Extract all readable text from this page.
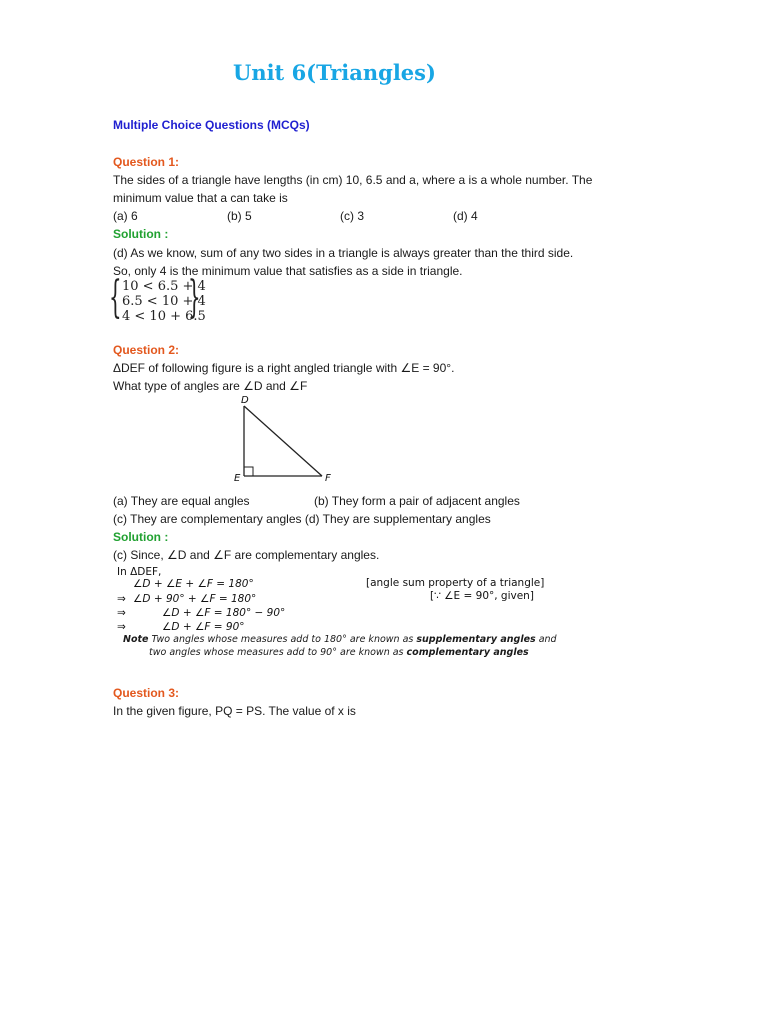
Unit 6(Triangles)
Multiple Choice Questions (MCQs)
Question 1:
The sides of a triangle have lengths (in cm) 10, 6.5 and a, where a is a whole number. The
minimum value that a can take is
(a) 6	(b) 5	(c) 3	(d) 4
Solution :
(d) As we know, sum of any two sides in a triangle is always greater than the third side.
So, only 4 is the minimum value that satisfies as a side in triangle.
{ }
10 < 6.5 + 4
6.5 < 10 + 4
4 < 10 + 6.5
Question 2:
ΔDEF of following figure is a right angled triangle with ∠E = 90°.
What type of angles are ∠D and ∠F
D
E	F
(a) They are equal angles	(b) They form a pair of adjacent angles
(c) They are complementary angles (d) They are supplementary angles
Solution :
(c) Since, ∠D and ∠F are complementary angles.
In ΔDEF,
∠D + ∠E + ∠F = 180°	[angle sum property of a triangle]
⇒ ∠D + 90° + ∠F = 180°	[∵ ∠E = 90°, given]
⇒	∠D + ∠F = 180° − 90°
⇒	∠D + ∠F = 90°
Note Two angles whose measures add to 180° are known as supplementary angles and
two angles whose measures add to 90° are known as complementary angles
Question 3:
In the given figure, PQ = PS. The value of x is
